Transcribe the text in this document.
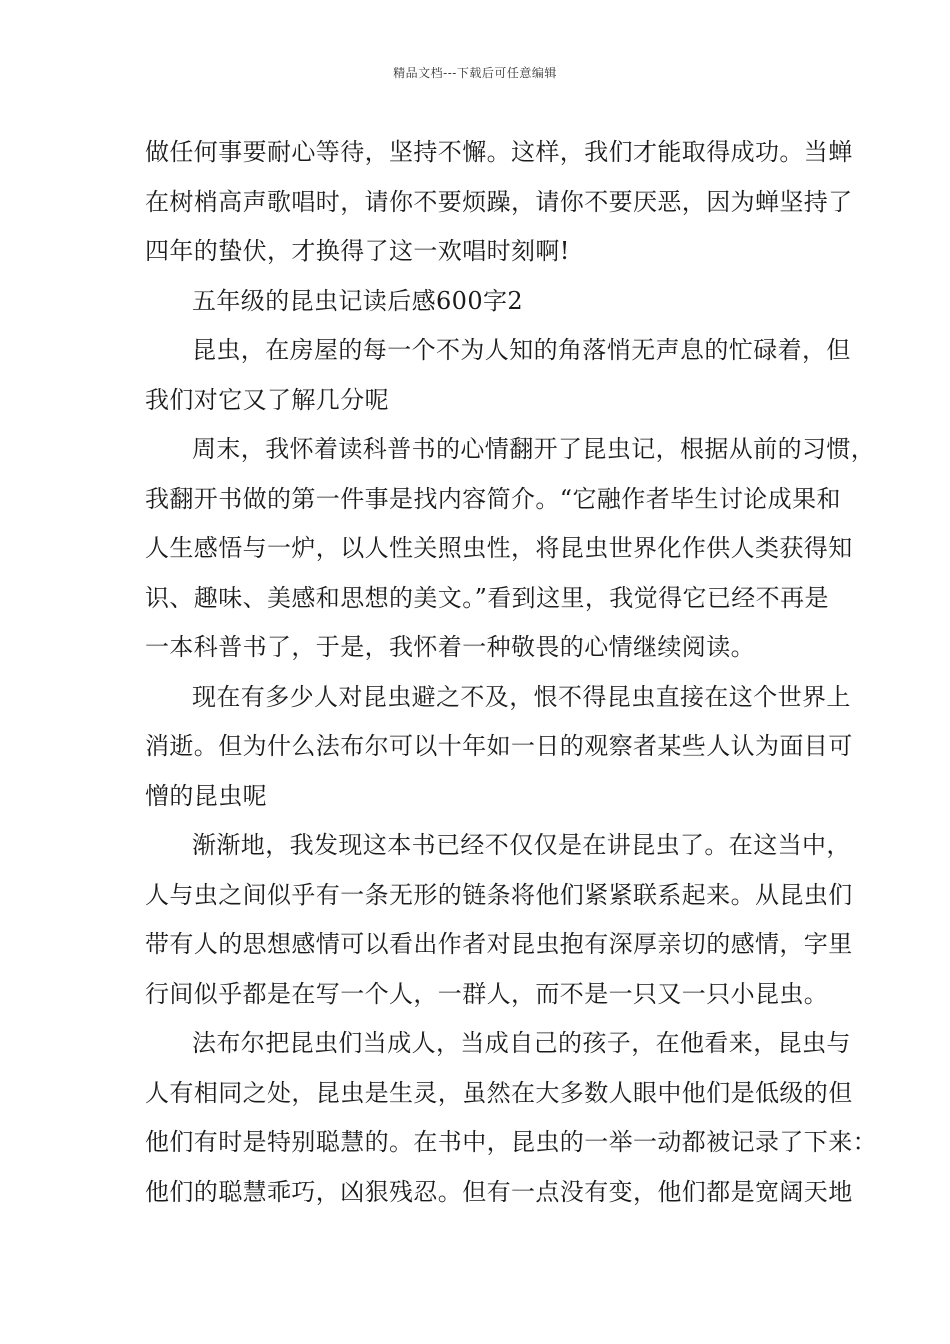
精品文档---下载后可任意编辑
做任何事要耐心等待，坚持不懈。这样，我们才能取得成功。当蝉
在树梢高声歌唱时，请你不要烦躁，请你不要厌恶，因为蝉坚持了
四年的蛰伏，才换得了这一欢唱时刻啊!
五年级的昆虫记读后感600字2
昆虫，在房屋的每一个不为人知的角落悄无声息的忙碌着，但
我们对它又了解几分呢
周末，我怀着读科普书的心情翻开了昆虫记，根据从前的习惯，
我翻开书做的第一件事是找内容简介。“它融作者毕生讨论成果和
人生感悟与一炉，以人性关照虫性，将昆虫世界化作供人类获得知
识、趣味、美感和思想的美文。”看到这里，我觉得它已经不再是
一本科普书了，于是，我怀着一种敬畏的心情继续阅读。
现在有多少人对昆虫避之不及，恨不得昆虫直接在这个世界上
消逝。但为什么法布尔可以十年如一日的观察者某些人认为面目可
憎的昆虫呢
渐渐地，我发现这本书已经不仅仅是在讲昆虫了。在这当中，
人与虫之间似乎有一条无形的链条将他们紧紧联系起来。从昆虫们
带有人的思想感情可以看出作者对昆虫抱有深厚亲切的感情，字里
行间似乎都是在写一个人，一群人，而不是一只又一只小昆虫。
法布尔把昆虫们当成人，当成自己的孩子，在他看来，昆虫与
人有相同之处，昆虫是生灵，虽然在大多数人眼中他们是低级的但
他们有时是特别聪慧的。在书中，昆虫的一举一动都被记录了下来：
他们的聪慧乖巧，凶狠残忍。但有一点没有变，他们都是宽阔天地
